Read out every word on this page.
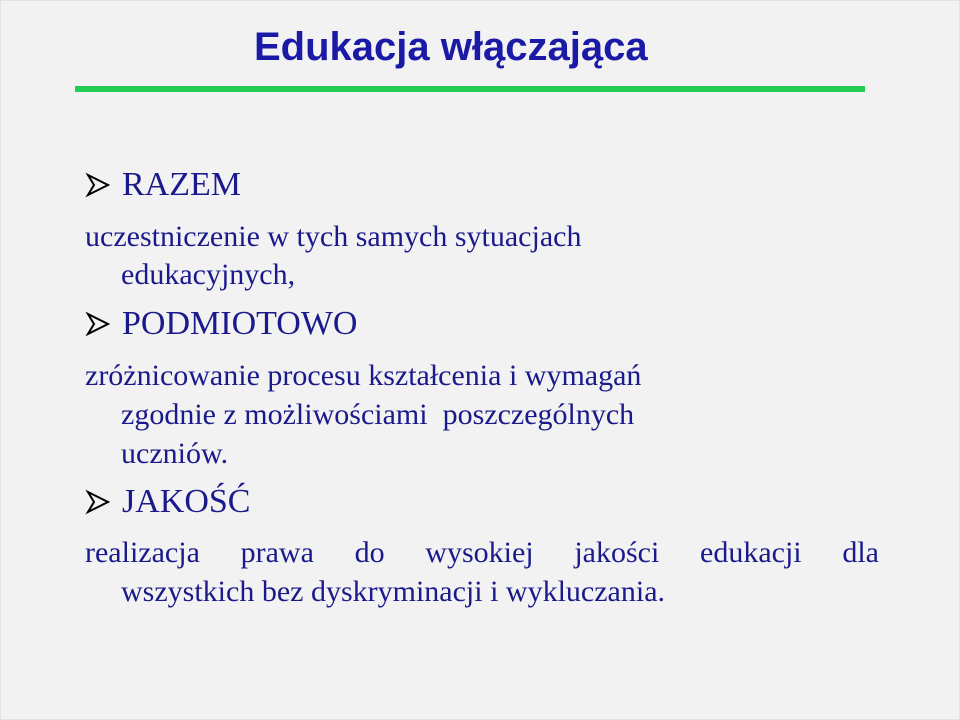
Edukacja włączająca
RAZEM

uczestniczenie w tych samych sytuacjach

edukacyjnych,

PODMIOTOWO

zróżnicowanie procesu kształcenia i wymagań

zgodnie z możliwościami  poszczególnych

uczniów.

JAKOŚĆ
realizacja prawa do wysokiej jakości edukacji dla

wszystkich bez dyskryminacji i wykluczania.
